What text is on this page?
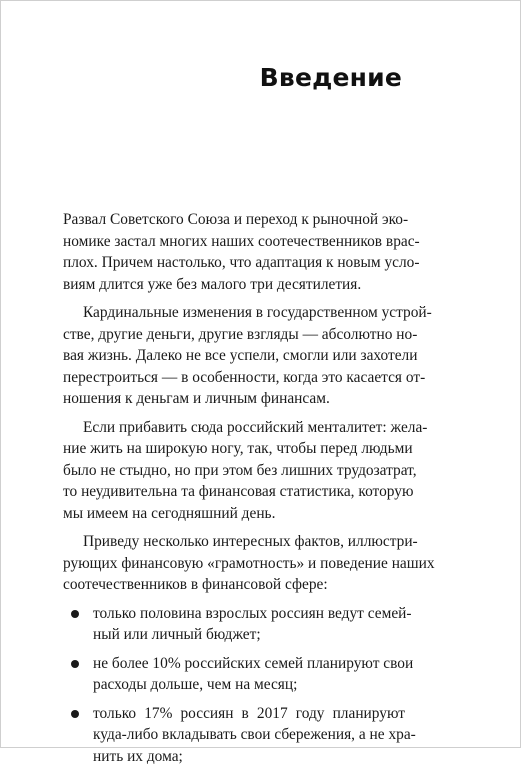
Введение

Развал Советского Союза и переход к рыночной эко-
номике застал многих наших соотечественников врас-
плох. Причем настолько, что адаптация к новым усло-
виям длится уже без малого три десятилетия.

Кардинальные изменения в государственном устрой-
стве, другие деньги, другие взгляды — абсолютно но-
вая жизнь. Далеко не все успели, смогли или захотели
перестроиться — в особенности, когда это касается от-
ношения к деньгам и личным финансам.

Если прибавить сюда российский менталитет: жела-
ние жить на широкую ногу, так, чтобы перед людьми
было не стыдно, но при этом без лишних трудозатрат,
то неудивительна та финансовая статистика, которую
мы имеем на сегодняшний день.

Приведу несколько интересных фактов, иллюстри-
рующих финансовую «грамотность» и поведение наших
соотечественников в финансовой сфере:

только половина взрослых россиян ведут семей-
ный или личный бюджет;
не более 10% российских семей планируют свои
расходы дольше, чем на месяц;
только 17% россиян в 2017 году планируют
куда-либо вкладывать свои сбережения, а не хра-
нить их дома;
